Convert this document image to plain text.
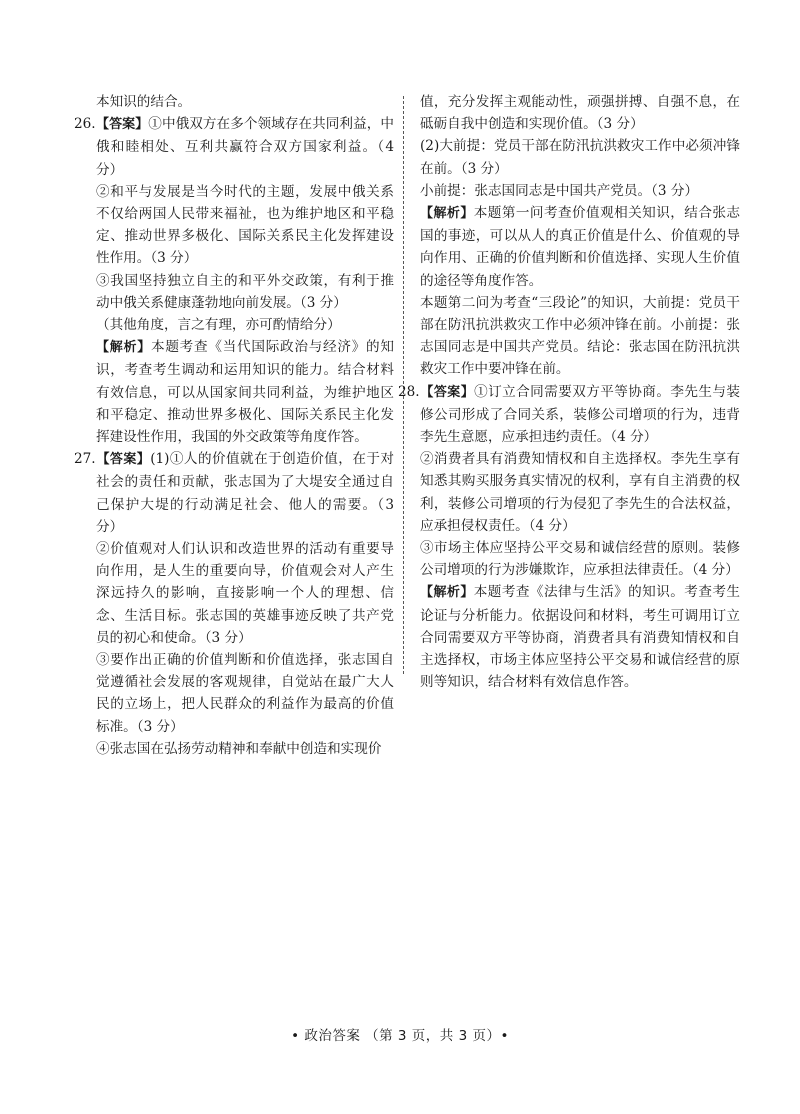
本知识的结合。

26.【答案】①中俄双方在多个领域存在共同利益，中俄和睦相处、互利共赢符合双方国家利益。（4 分）

②和平与发展是当今时代的主题，发展中俄关系不仅给两国人民带来福祉，也为维护地区和平稳定、推动世界多极化、国际关系民主化发挥建设性作用。（3 分）

③我国坚持独立自主的和平外交政策，有利于推动中俄关系健康蓬勃地向前发展。（3 分）

（其他角度，言之有理，亦可酌情给分）

【解析】本题考查《当代国际政治与经济》的知识，考查考生调动和运用知识的能力。结合材料有效信息，可以从国家间共同利益，为维护地区和平稳定、推动世界多极化、国际关系民主化发挥建设性作用，我国的外交政策等角度作答。

27.【答案】(1)①人的价值就在于创造价值，在于对社会的责任和贡献，张志国为了大堤安全通过自己保护大堤的行动满足社会、他人的需要。（3 分）

②价值观对人们认识和改造世界的活动有重要导向作用，是人生的重要向导，价值观会对人产生深远持久的影响，直接影响一个人的理想、信念、生活目标。张志国的英雄事迹反映了共产党员的初心和使命。（3 分）

③要作出正确的价值判断和价值选择，张志国自觉遵循社会发展的客观规律，自觉站在最广大人民的立场上，把人民群众的利益作为最高的价值标准。（3 分）

④张志国在弘扬劳动精神和奉献中创造和实现价

值，充分发挥主观能动性，顽强拼搏、自强不息，在砥砺自我中创造和实现价值。（3 分）

(2)大前提：党员干部在防汛抗洪救灾工作中必须冲锋在前。（3 分）

小前提：张志国同志是中国共产党员。（3 分）

【解析】本题第一问考查价值观相关知识，结合张志国的事迹，可以从人的真正价值是什么、价值观的导向作用、正确的价值判断和价值选择、实现人生价值的途径等角度作答。

本题第二问为考查“三段论”的知识，大前提：党员干部在防汛抗洪救灾工作中必须冲锋在前。小前提：张志国同志是中国共产党员。结论：张志国在防汛抗洪救灾工作中要冲锋在前。

28.【答案】①订立合同需要双方平等协商。李先生与装修公司形成了合同关系，装修公司增项的行为，违背李先生意愿，应承担违约责任。（4 分）

②消费者具有消费知情权和自主选择权。李先生享有知悉其购买服务真实情况的权利，享有自主消费的权利，装修公司增项的行为侵犯了李先生的合法权益，应承担侵权责任。（4 分）

③市场主体应坚持公平交易和诚信经营的原则。装修公司增项的行为涉嫌欺诈，应承担法律责任。（4 分）

【解析】本题考查《法律与生活》的知识。考查考生论证与分析能力。依据设问和材料，考生可调用订立合同需要双方平等协商，消费者具有消费知情权和自主选择权，市场主体应坚持公平交易和诚信经营的原则等知识，结合材料有效信息作答。

• 政治答案 （第 3 页，共 3 页）•
